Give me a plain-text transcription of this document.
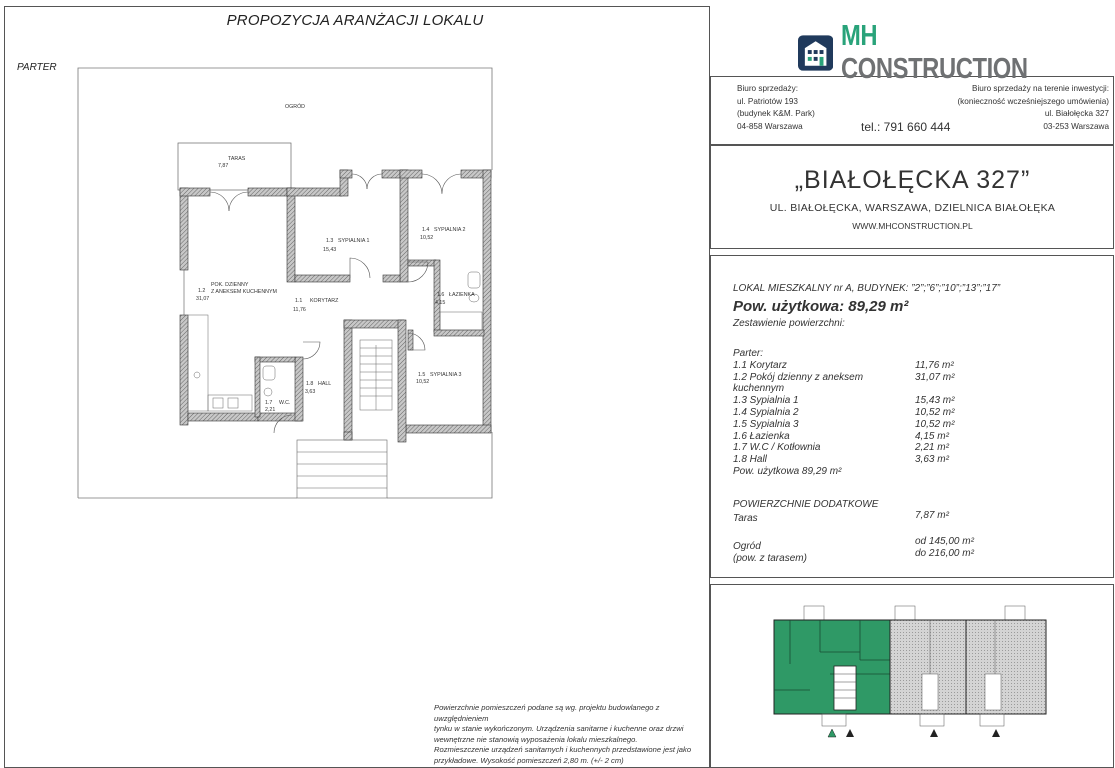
PROPOZYCJA ARANŻACJI LOKALU
PARTER
MH CONSTRUCTION
Biuro sprzedaży:
ul. Patriotów 193
(budynek K&M. Park)
04-858 Warszawa
Biuro sprzedaży na terenie inwestycji:
(konieczność wcześniejszego umówienia)
ul. Białołęcka 327
03-253 Warszawa
tel.: 791 660 444
„BIAŁOŁĘCKA 327”
UL. BIAŁOŁĘCKA, WARSZAWA, DZIELNICA BIAŁOŁĘKA
WWW.MHCONSTRUCTION.PL
LOKAL MIESZKALNY nr A, BUDYNEK: ”2”;”6”;”10”;”13”;”17”
Pow. użytkowa: 89,29 m²
Zestawienie powierzchni:
Parter:
1.1 Korytarz	11,76 m²
1.2 Pokój dzienny z aneksem kuchennym
31,07 m²
1.3 Sypialnia 1	15,43 m²
1.4 Sypialnia 2	10,52 m²
1.5 Sypialnia 3	10,52 m²
1.6 Łazienka	4,15 m²
1.7 W.C / Kotłownia	2,21 m²
1.8 Hall	3,63 m²
Pow. użytkowa 89,29 m²
POWIERZCHNIE DODATKOWE
Taras	7,87 m²
Ogród
(pow. z tarasem)
od 145,00 m²
do 216,00 m²
OGRÓD
TARAS
7,87
1.1 KORYTARZ
11,76
1.2
POK. DZIENNY
Z ANEKSEM KUCHENNYM
31,07
1.3 SYPIALNIA 1
15,43
1.4 SYPIALNIA 2
10,52
1.5 SYPIALNIA 3
10,52
1.6 ŁAZIENKA
4,15
1.7 W.C.
2,21
1.8 HALL
3,63
Powierzchnie pomieszczeń podane są wg. projektu budowlanego z uwzględnieniem
tynku w stanie wykończonym. Urządzenia sanitarne i kuchenne oraz drzwi
wewnętrzne nie stanowią wyposażenia lokalu mieszkalnego.
Rozmieszczenie urządzeń sanitarnych i kuchennych przedstawione jest jako
przykładowe. Wysokość pomieszczeń 2,80 m. (+/- 2 cm)
